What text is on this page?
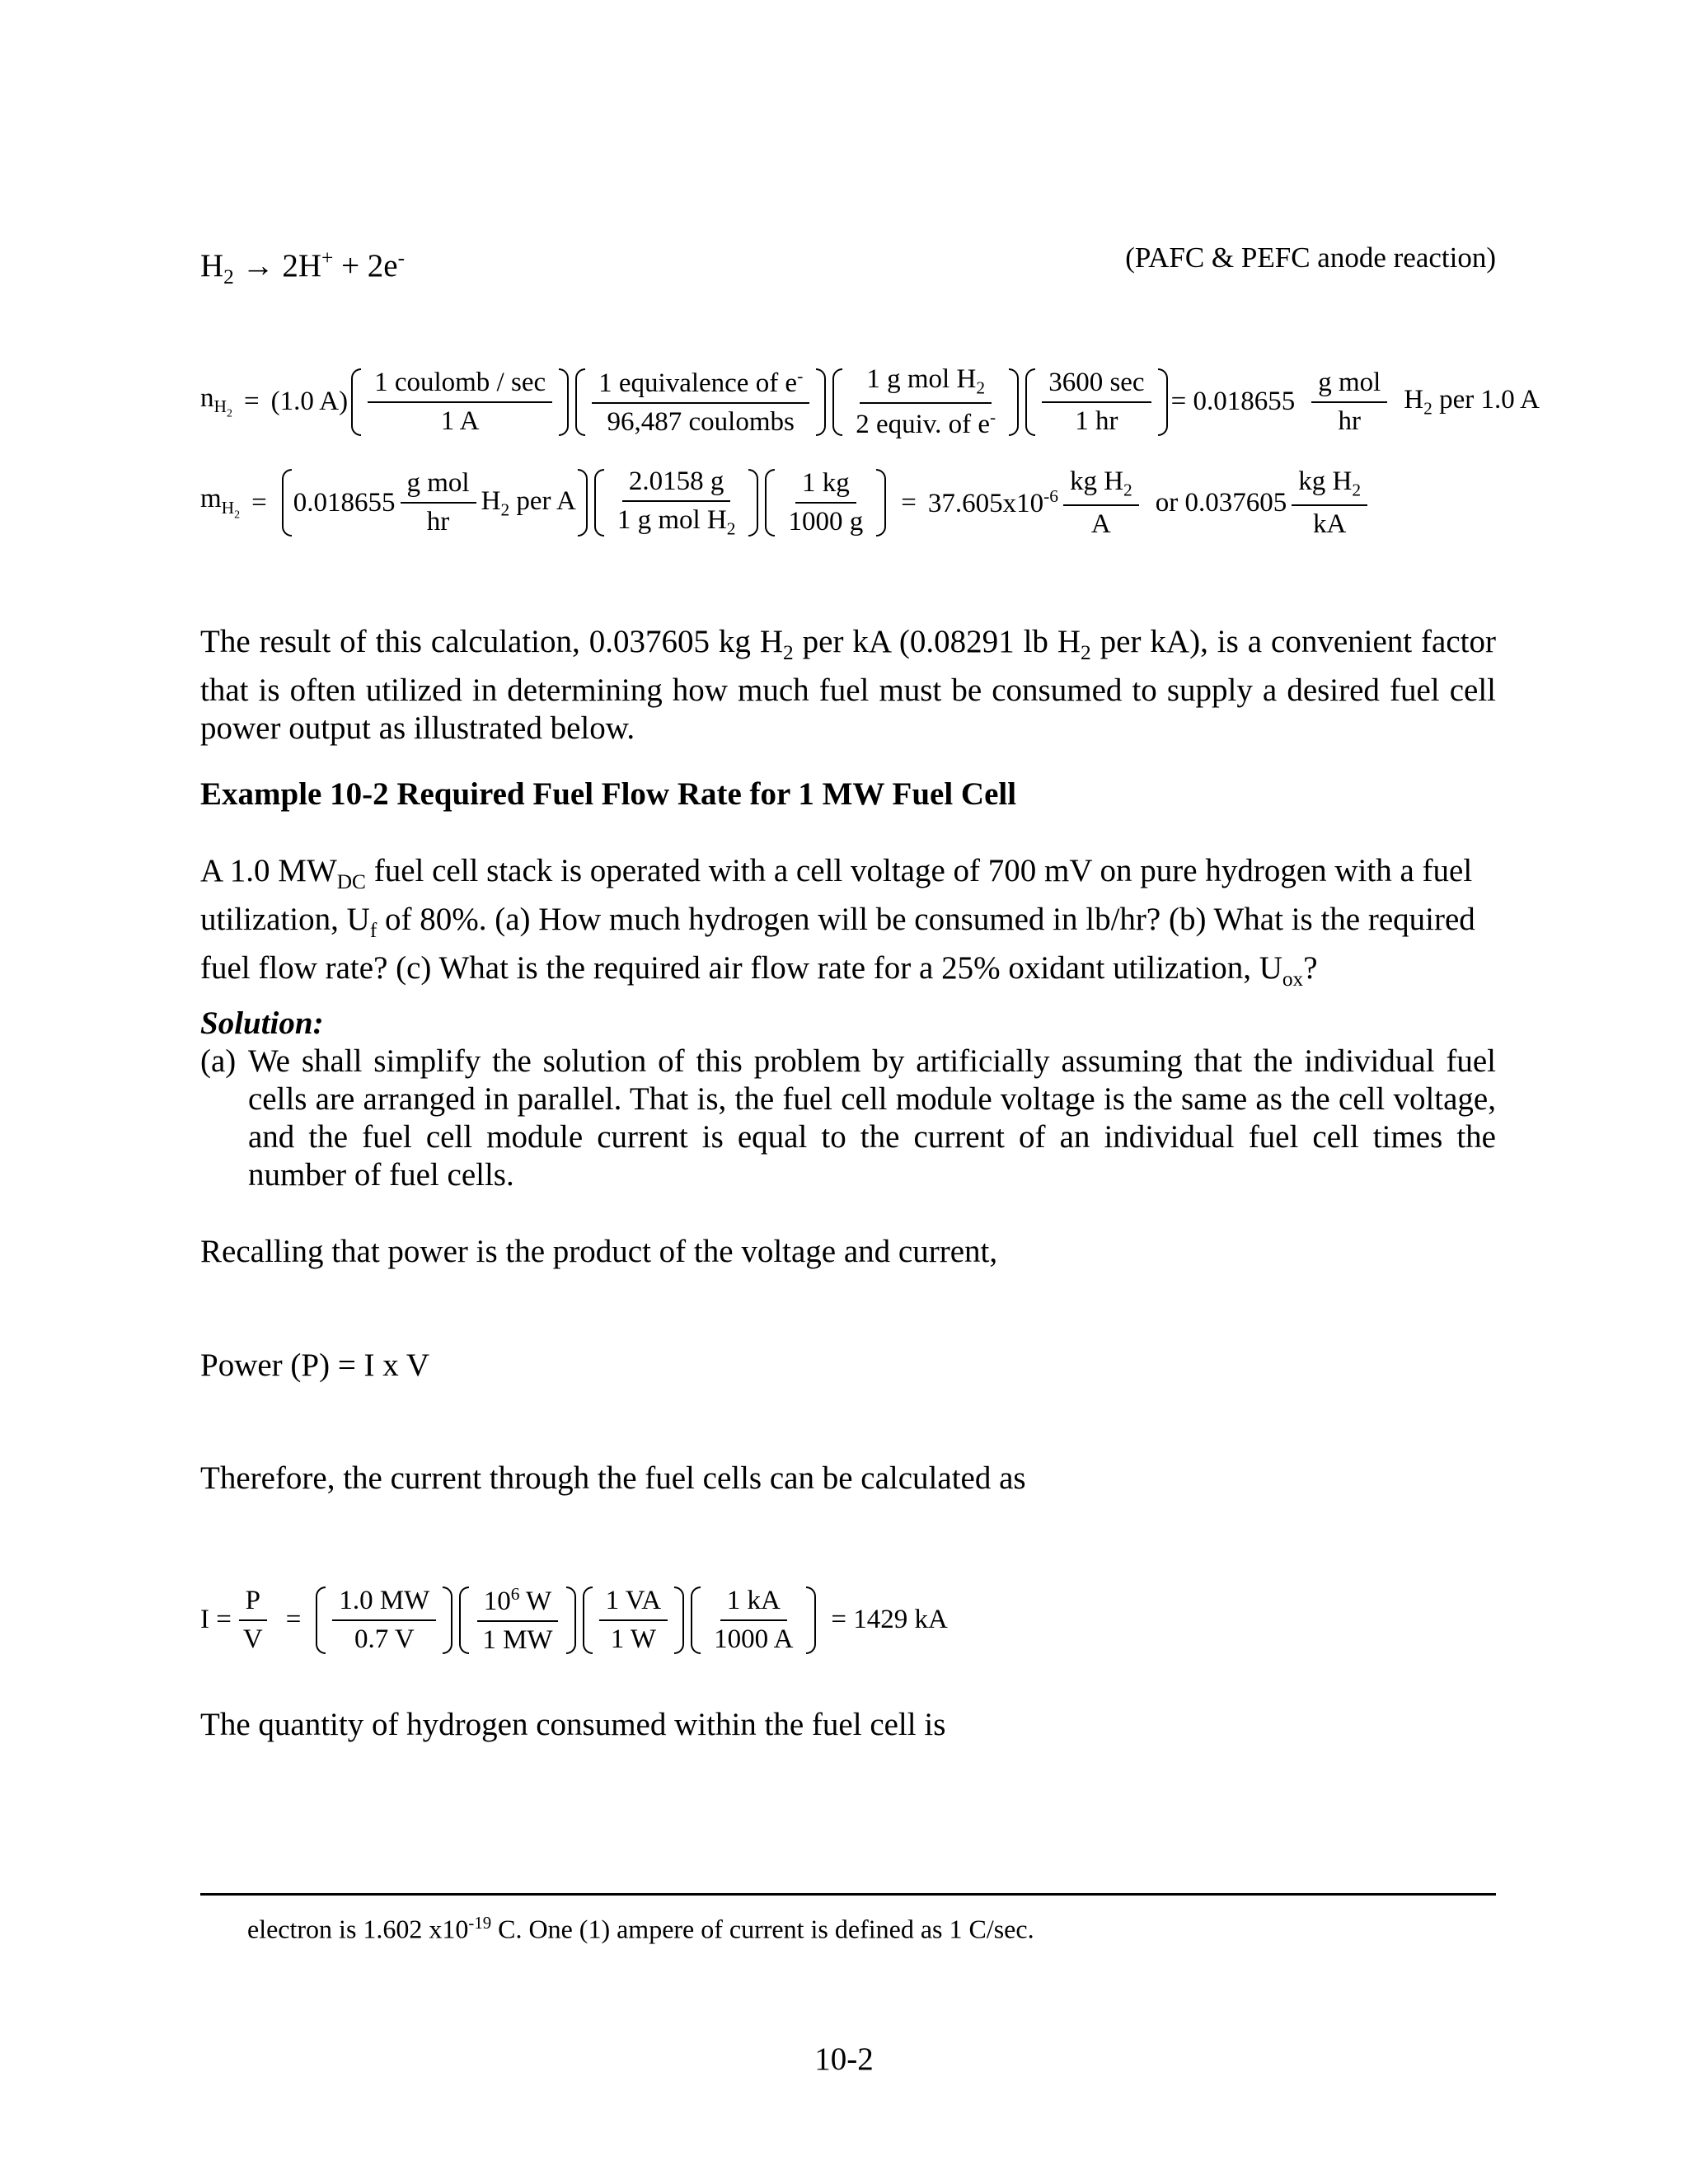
$H_2 \to 2H^+ + 2e^-$	(PAFC & PEFC anode reaction)
$n_{H_2} = (1.0$ $A) \frac{\text{1 coulomb / sec}}{1 A} \frac{1 equivalence of e^-}{\text{96,487 coulombs}} \frac{1 g mol H_2}{2 equiv. of e^-} \frac{3600 \sec}{1 hr} = 0.018655 \frac{\text{g mol}}{hr} H_2$ per 1.0 A
$m_{H_2} = 0.018655 \frac{\text{g mol}}{hr} H_2$ per A $\frac{2.0158 g}{1 g mol H_2} \frac{1 kg}{1000 g} = 37.605x10^{-6} \frac{kg H_2}{A}$ or $0.037605 \frac{kg H_2}{kA}$
The result of this calculation, 0.037605 kg $H_2$ per kA (0.08291 lb $H_2$ per kA), is a convenient factor that is often utilized in determining how much fuel must be consumed to supply a desired fuel cell power output as illustrated below.
Example 10-2 Required Fuel Flow Rate for 1 MW Fuel Cell
A 1.0 $MW_{DC}$ fuel cell stack is operated with a cell voltage of 700 mV on pure hydrogen with a fuel utilization, $U_f$ of 80%. (a) How much hydrogen will be consumed in lb/hr? (b) What is the required fuel flow rate? (c) What is the required air flow rate for a 25% oxidant utilization, $U_{ox}$?
Solution:
(a) We shall simplify the solution of this problem by artificially assuming that the individual fuel cells are arranged in parallel. That is, the fuel cell module voltage is the same as the cell voltage, and the fuel cell module current is equal to the current of an individual fuel cell times the number of fuel cells.
Recalling that power is the product of the voltage and current,
Power (P) = I x V
Therefore, the current through the fuel cells can be calculated as
$I = \frac{P}{V} = \frac{1.0 MW}{0.7 V} \frac{10^6 W}{1 MW} \frac{1 VA}{1 W} \frac{1 kA}{1000 A} = 1429$ kA
The quantity of hydrogen consumed within the fuel cell is
electron is 1.602 $x10^{-19}$ C. One (1) ampere of current is defined as 1 C/sec.
10-2
